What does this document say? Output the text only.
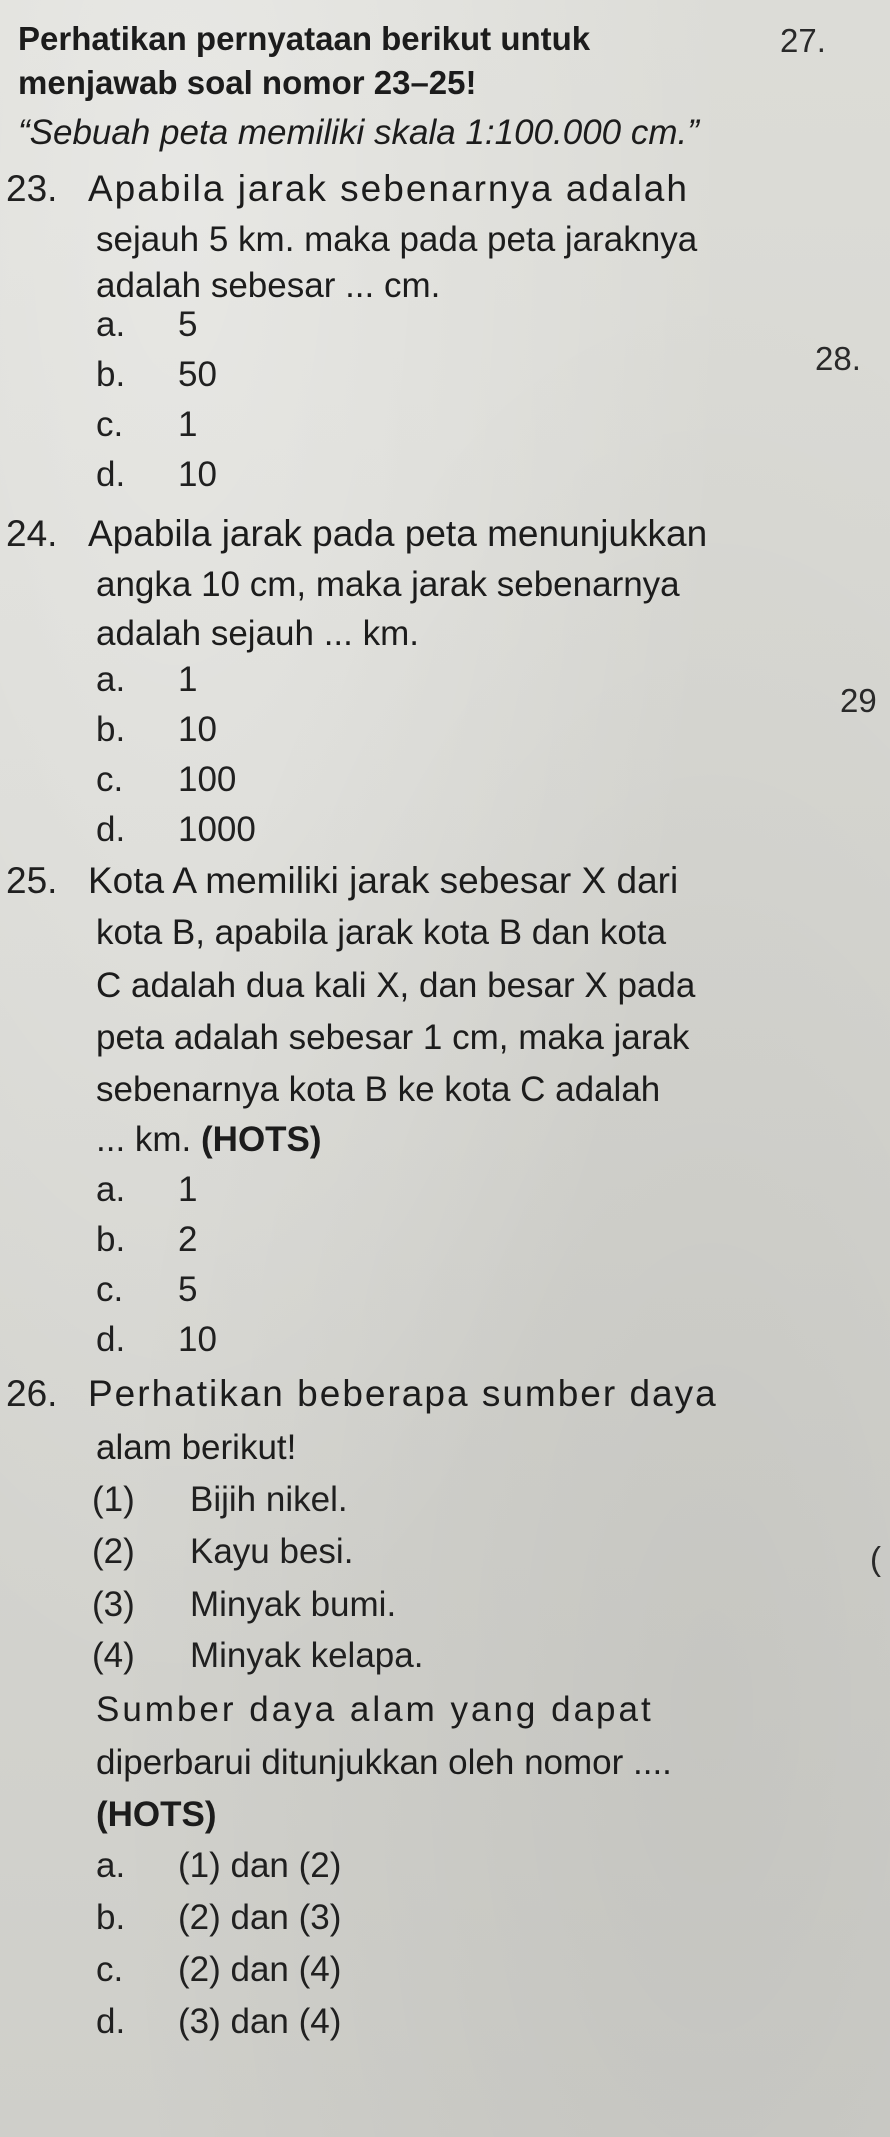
Perhatikan pernyataan berikut untuk
menjawab soal nomor 23–25!
“Sebuah peta memiliki skala 1:100.000 cm.”
27.
28.
29
(
23. Apabila jarak sebenarnya adalah
sejauh 5 km. maka pada peta jaraknya
adalah sebesar ... cm.
a. 5
b. 50
c. 1
d. 10
24. Apabila jarak pada peta menunjukkan
angka 10 cm, maka jarak sebenarnya
adalah sejauh ... km.
a. 1
b. 10
c. 100
d. 1000
25. Kota A memiliki jarak sebesar X dari
kota B, apabila jarak kota B dan kota
C adalah dua kali X, dan besar X pada
peta adalah sebesar 1 cm, maka jarak
sebenarnya kota B ke kota C adalah
... km. (HOTS)
a. 1
b. 2
c. 5
d. 10
26. Perhatikan beberapa sumber daya
alam berikut!
(1) Bijih nikel.
(2) Kayu besi.
(3) Minyak bumi.
(4) Minyak kelapa.
Sumber daya alam yang dapat
diperbarui ditunjukkan oleh nomor ....
(HOTS)
a. (1) dan (2)
b. (2) dan (3)
c. (2) dan (4)
d. (3) dan (4)
